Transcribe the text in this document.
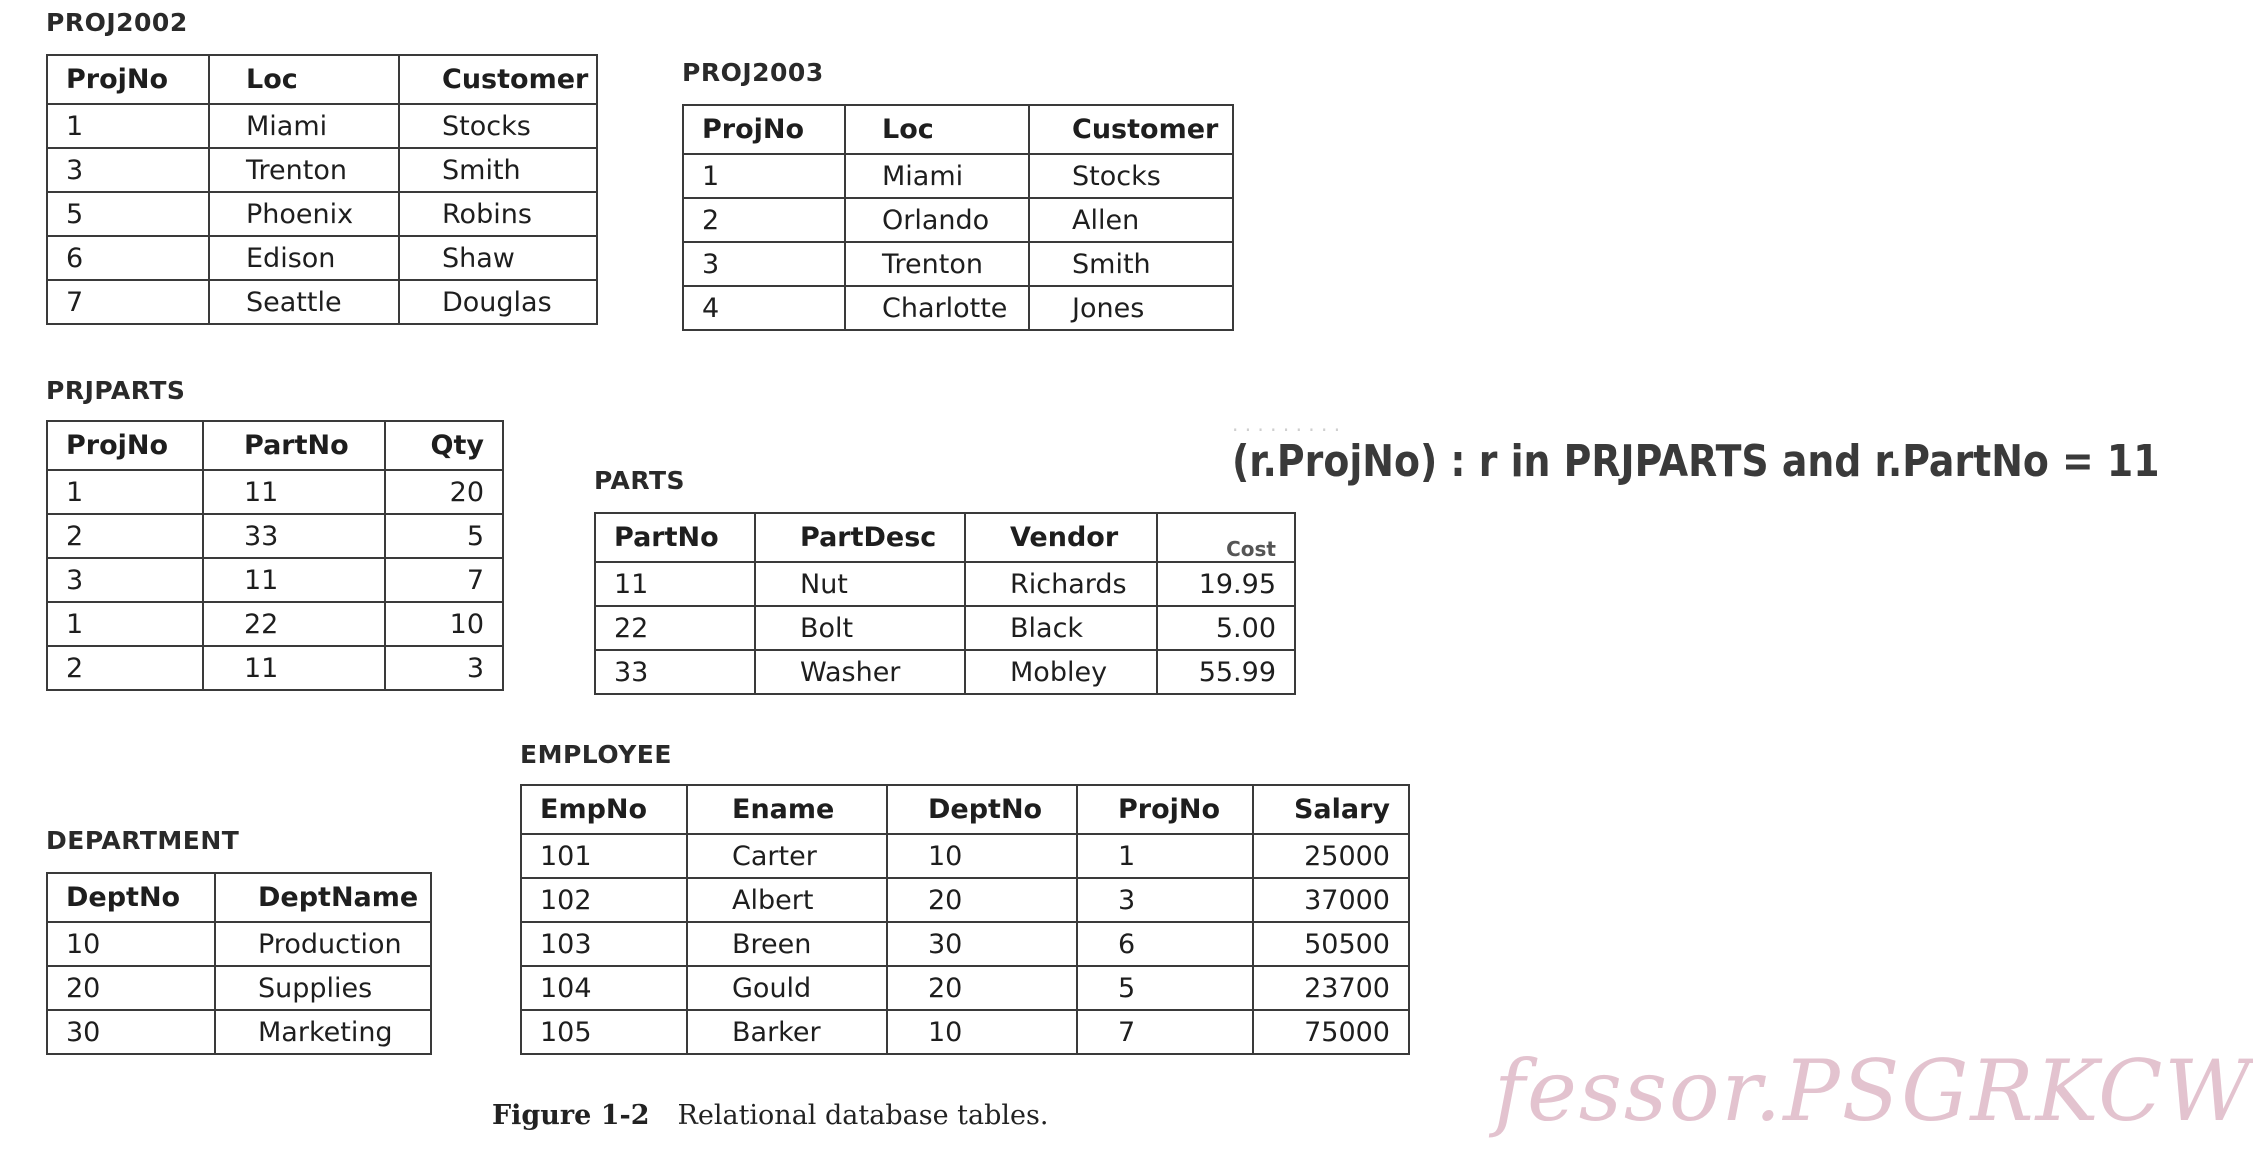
PROJ2002
ProjNo	Loc	Customer
1	Miami	Stocks
3	Trenton	Smith
5	Phoenix	Robins
6	Edison	Shaw
7	Seattle	Douglas
PROJ2003
ProjNo	Loc	Customer
1	Miami	Stocks
2	Orlando	Allen
3	Trenton	Smith
4	Charlotte	Jones
PRJPARTS
ProjNo	PartNo	Qty
1	11	20
2	33	5
3	11	7
1	22	10
2	11	3
PARTS
PartNo	PartDesc	Vendor	Cost
11	Nut	Richards	19.95
22	Bolt	Black	5.00
33	Washer	Mobley	55.99
· · · · · · · · ·
(r.ProjNo) : r in PRJPARTS and r.PartNo = 11
EMPLOYEE
EmpNo	Ename	DeptNo	ProjNo	Salary
101	Carter	10	1	25000
102	Albert	20	3	37000
103	Breen	30	6	50500
104	Gould	20	5	23700
105	Barker	10	7	75000
DEPARTMENT
DeptNo	DeptName
10	Production
20	Supplies
30	Marketing
Figure 1-2 Relational database tables.	fessor.PSGRKCW
